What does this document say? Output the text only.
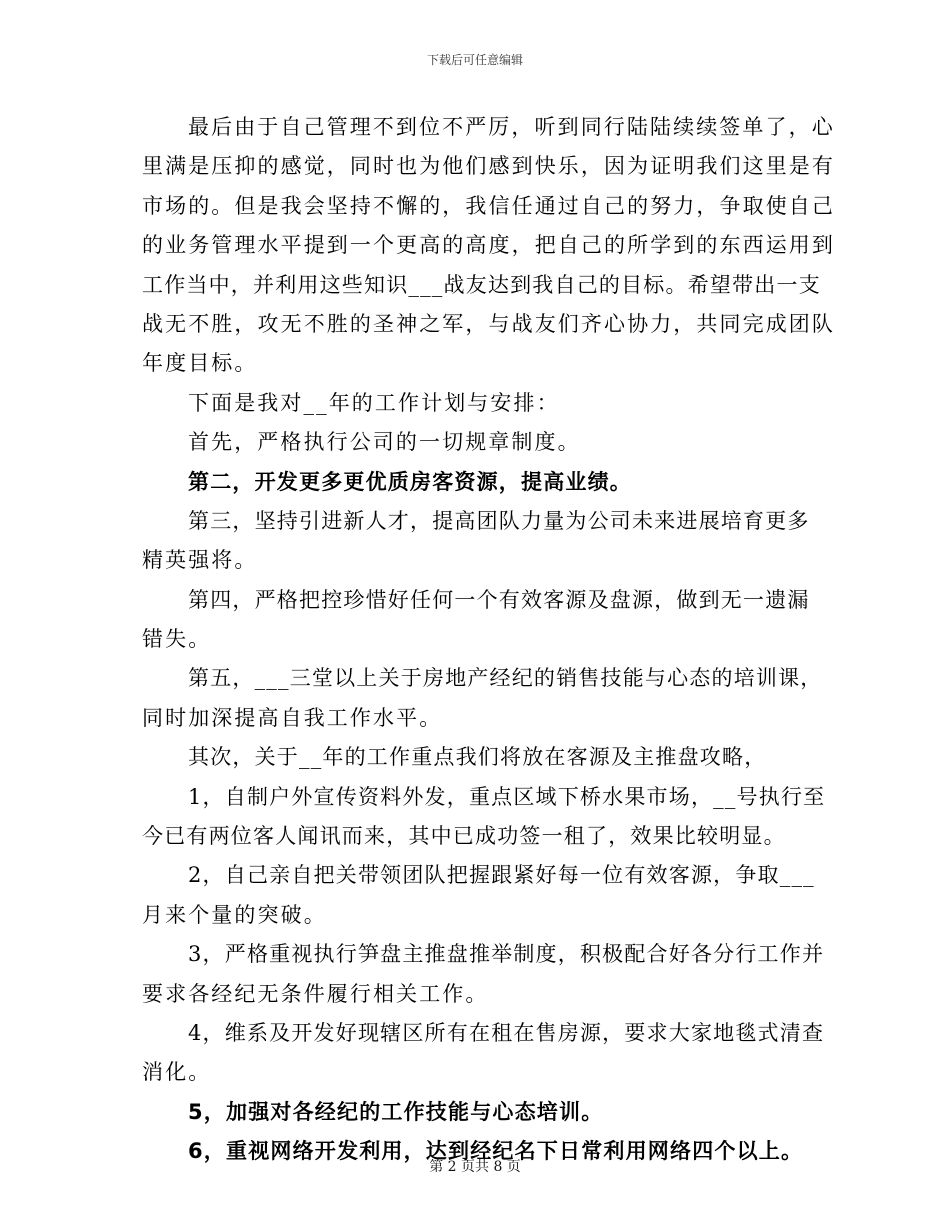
下载后可任意编辑
最后由于自己管理不到位不严厉，听到同行陆陆续续签单了，心
里满是压抑的感觉，同时也为他们感到快乐，因为证明我们这里是有
市场的。但是我会坚持不懈的，我信任通过自己的努力，争取使自己
的业务管理水平提到一个更高的高度，把自己的所学到的东西运用到
工作当中，并利用这些知识___战友达到我自己的目标。希望带出一支
战无不胜，攻无不胜的圣神之军，与战友们齐心协力，共同完成团队
年度目标。
下面是我对__年的工作计划与安排：
首先，严格执行公司的一切规章制度。
第二，开发更多更优质房客资源，提高业绩。
第三，坚持引进新人才，提高团队力量为公司未来进展培育更多
精英强将。
第四，严格把控珍惜好任何一个有效客源及盘源，做到无一遗漏
错失。
第五，___三堂以上关于房地产经纪的销售技能与心态的培训课，
同时加深提高自我工作水平。
其次，关于__年的工作重点我们将放在客源及主推盘攻略，
1，自制户外宣传资料外发，重点区域下桥水果市场，__号执行至
今已有两位客人闻讯而来，其中已成功签一租了，效果比较明显。
2，自己亲自把关带领团队把握跟紧好每一位有效客源，争取___
月来个量的突破。
3，严格重视执行笋盘主推盘推举制度，积极配合好各分行工作并
要求各经纪无条件履行相关工作。
4，维系及开发好现辖区所有在租在售房源，要求大家地毯式清查
消化。
5，加强对各经纪的工作技能与心态培训。
6，重视网络开发利用，达到经纪名下日常利用网络四个以上。
第 2 页共 8 页
